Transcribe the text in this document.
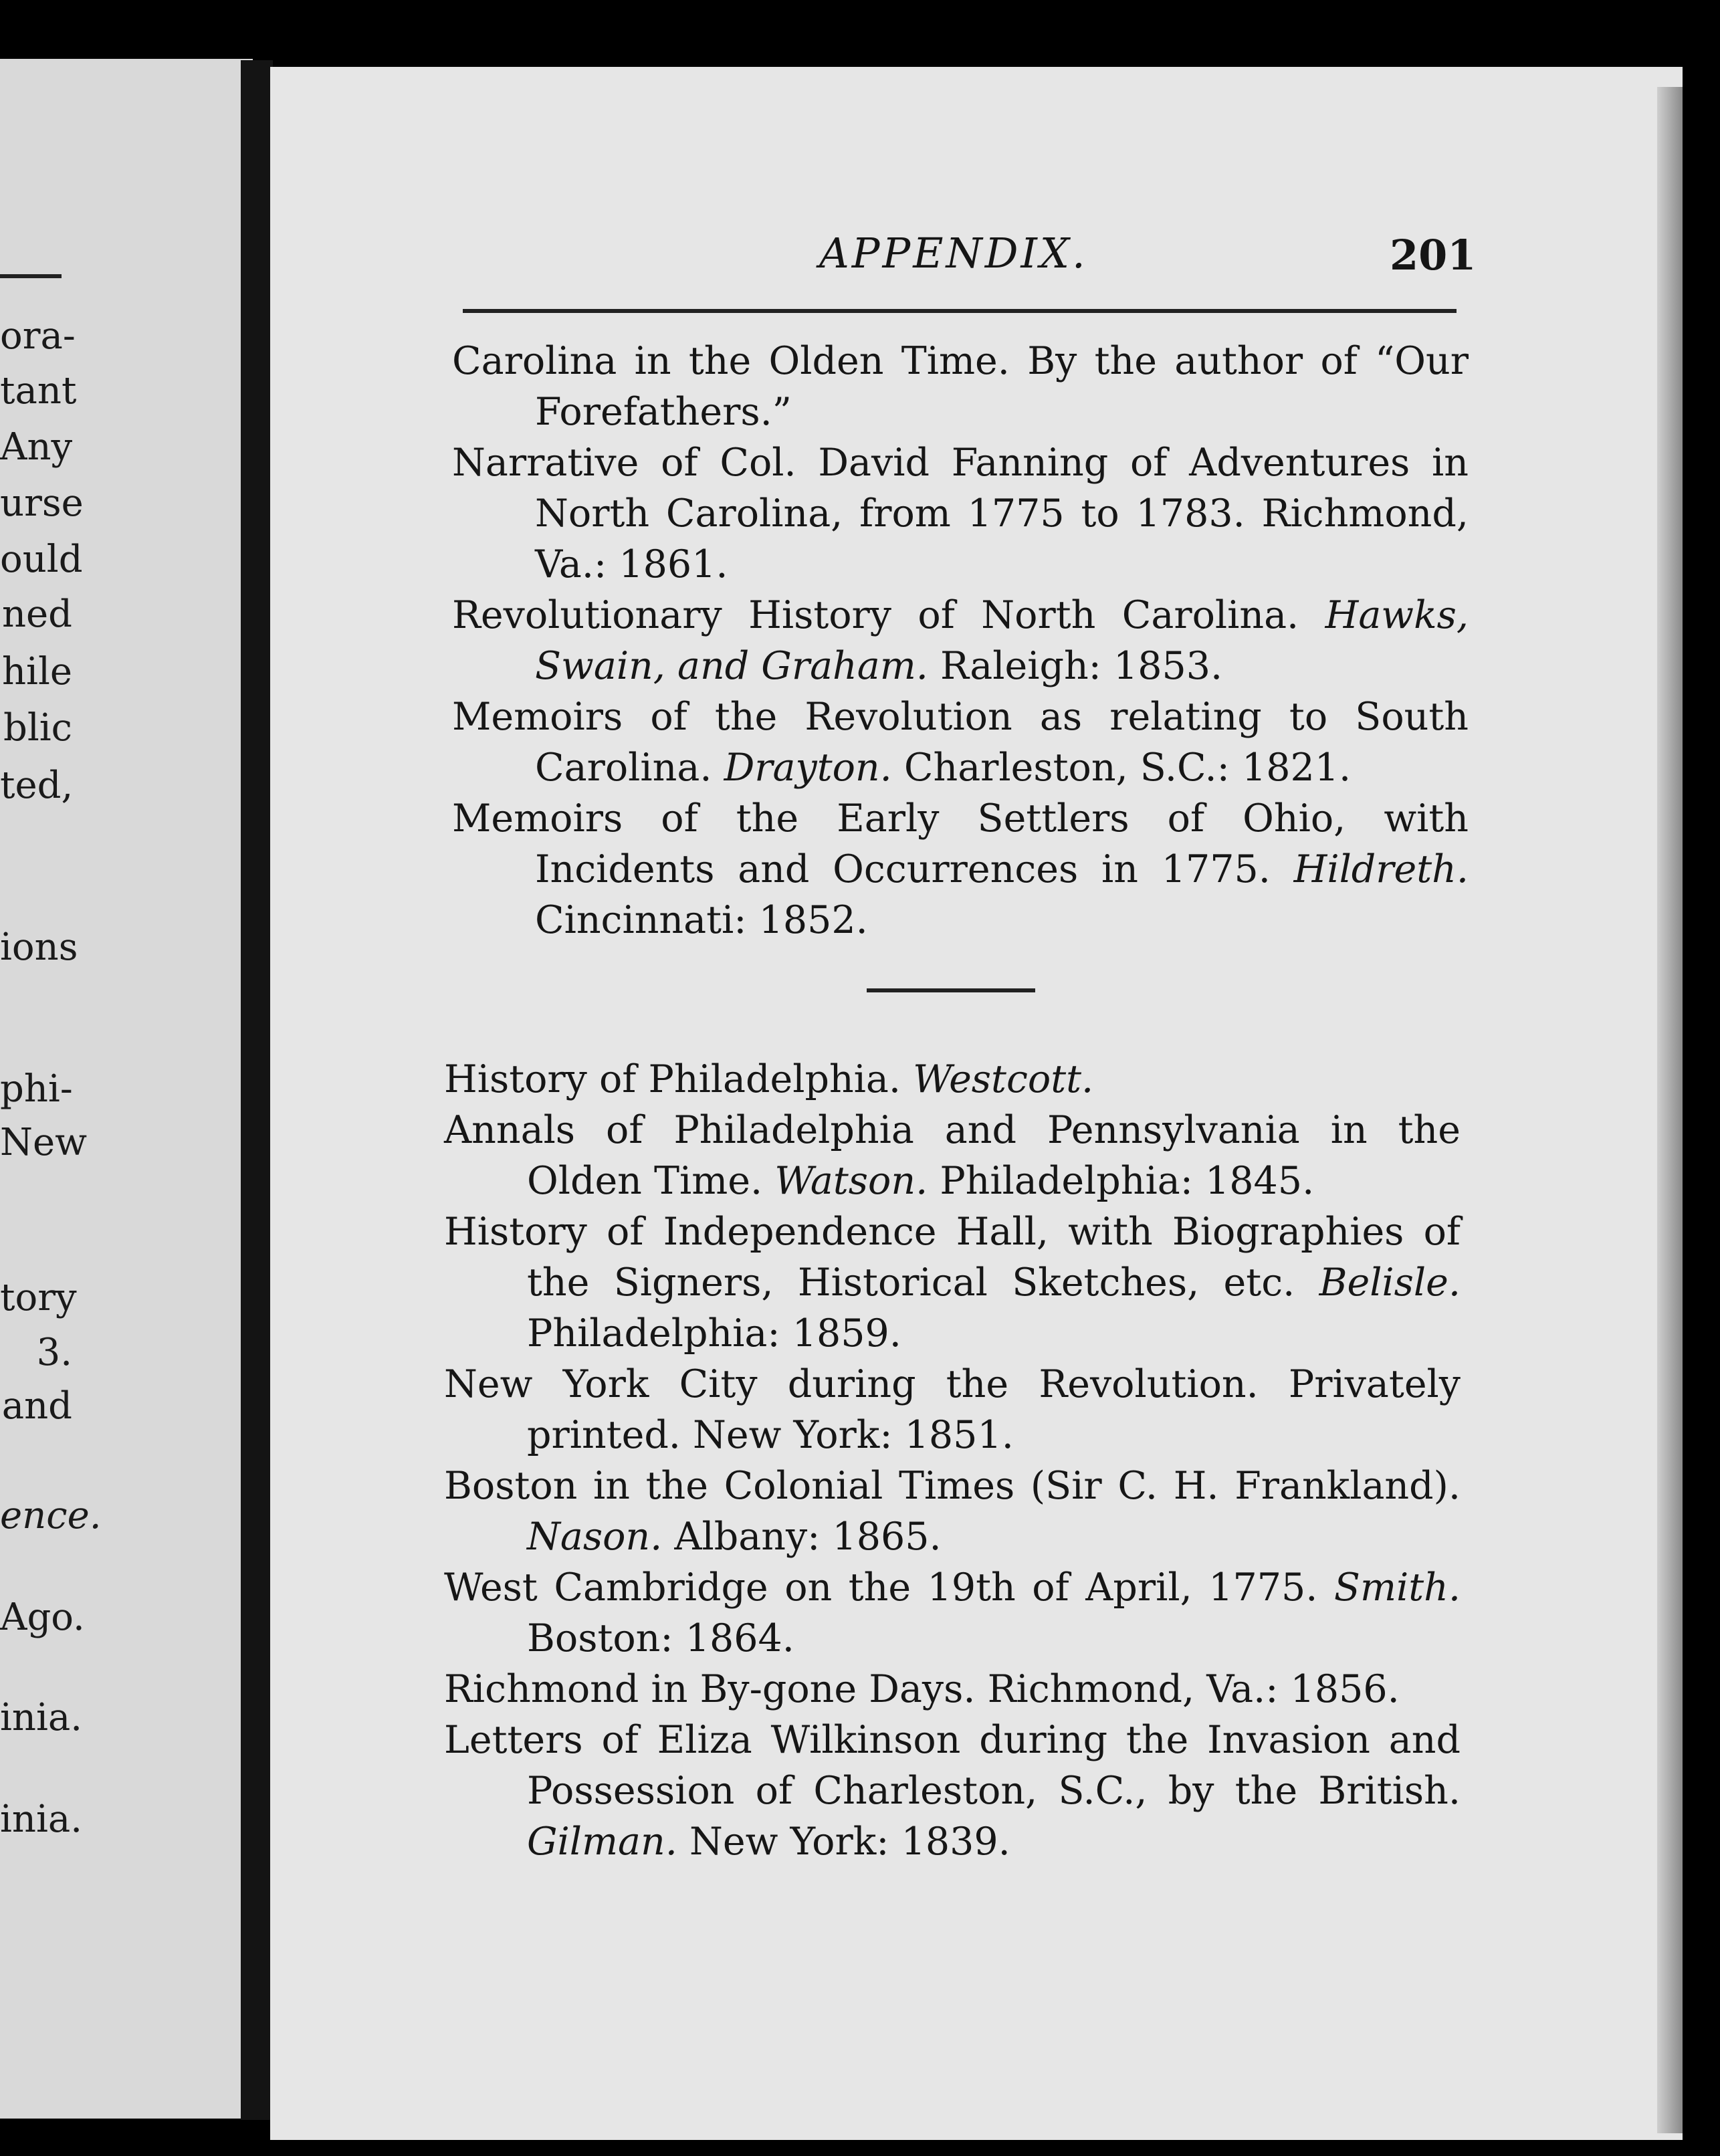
ora-
tant
Any
urse
ould
ned
hile
blic
ted,
ions
phi-
New
tory
3.
and
ence.
Ago.
inia.
inia.
APPENDIX.	201

Carolina in the Olden Time. By the author of “Our Forefathers.”

Narrative of Col. David Fanning of Adventures in North Carolina, from 1775 to 1783. Richmond, Va.: 1861.

Revolutionary History of North Carolina. Hawks, Swain, and Graham. Raleigh: 1853.

Memoirs of the Revolution as relating to South Carolina. Drayton. Charleston, S.C.: 1821.

Memoirs of the Early Settlers of Ohio, with Incidents and Occurrences in 1775. Hildreth. Cincinnati: 1852.

History of Philadelphia. Westcott.

Annals of Philadelphia and Pennsylvania in the Olden Time. Watson. Philadelphia: 1845.

History of Independence Hall, with Biographies of the Signers, Historical Sketches, etc. Belisle. Philadelphia: 1859.

New York City during the Revolution. Privately printed. New York: 1851.

Boston in the Colonial Times (Sir C. H. Frankland). Nason. Albany: 1865.

West Cambridge on the 19th of April, 1775. Smith. Boston: 1864.

Richmond in By-gone Days. Richmond, Va.: 1856.

Letters of Eliza Wilkinson during the Invasion and Possession of Charleston, S.C., by the British. Gilman. New York: 1839.
